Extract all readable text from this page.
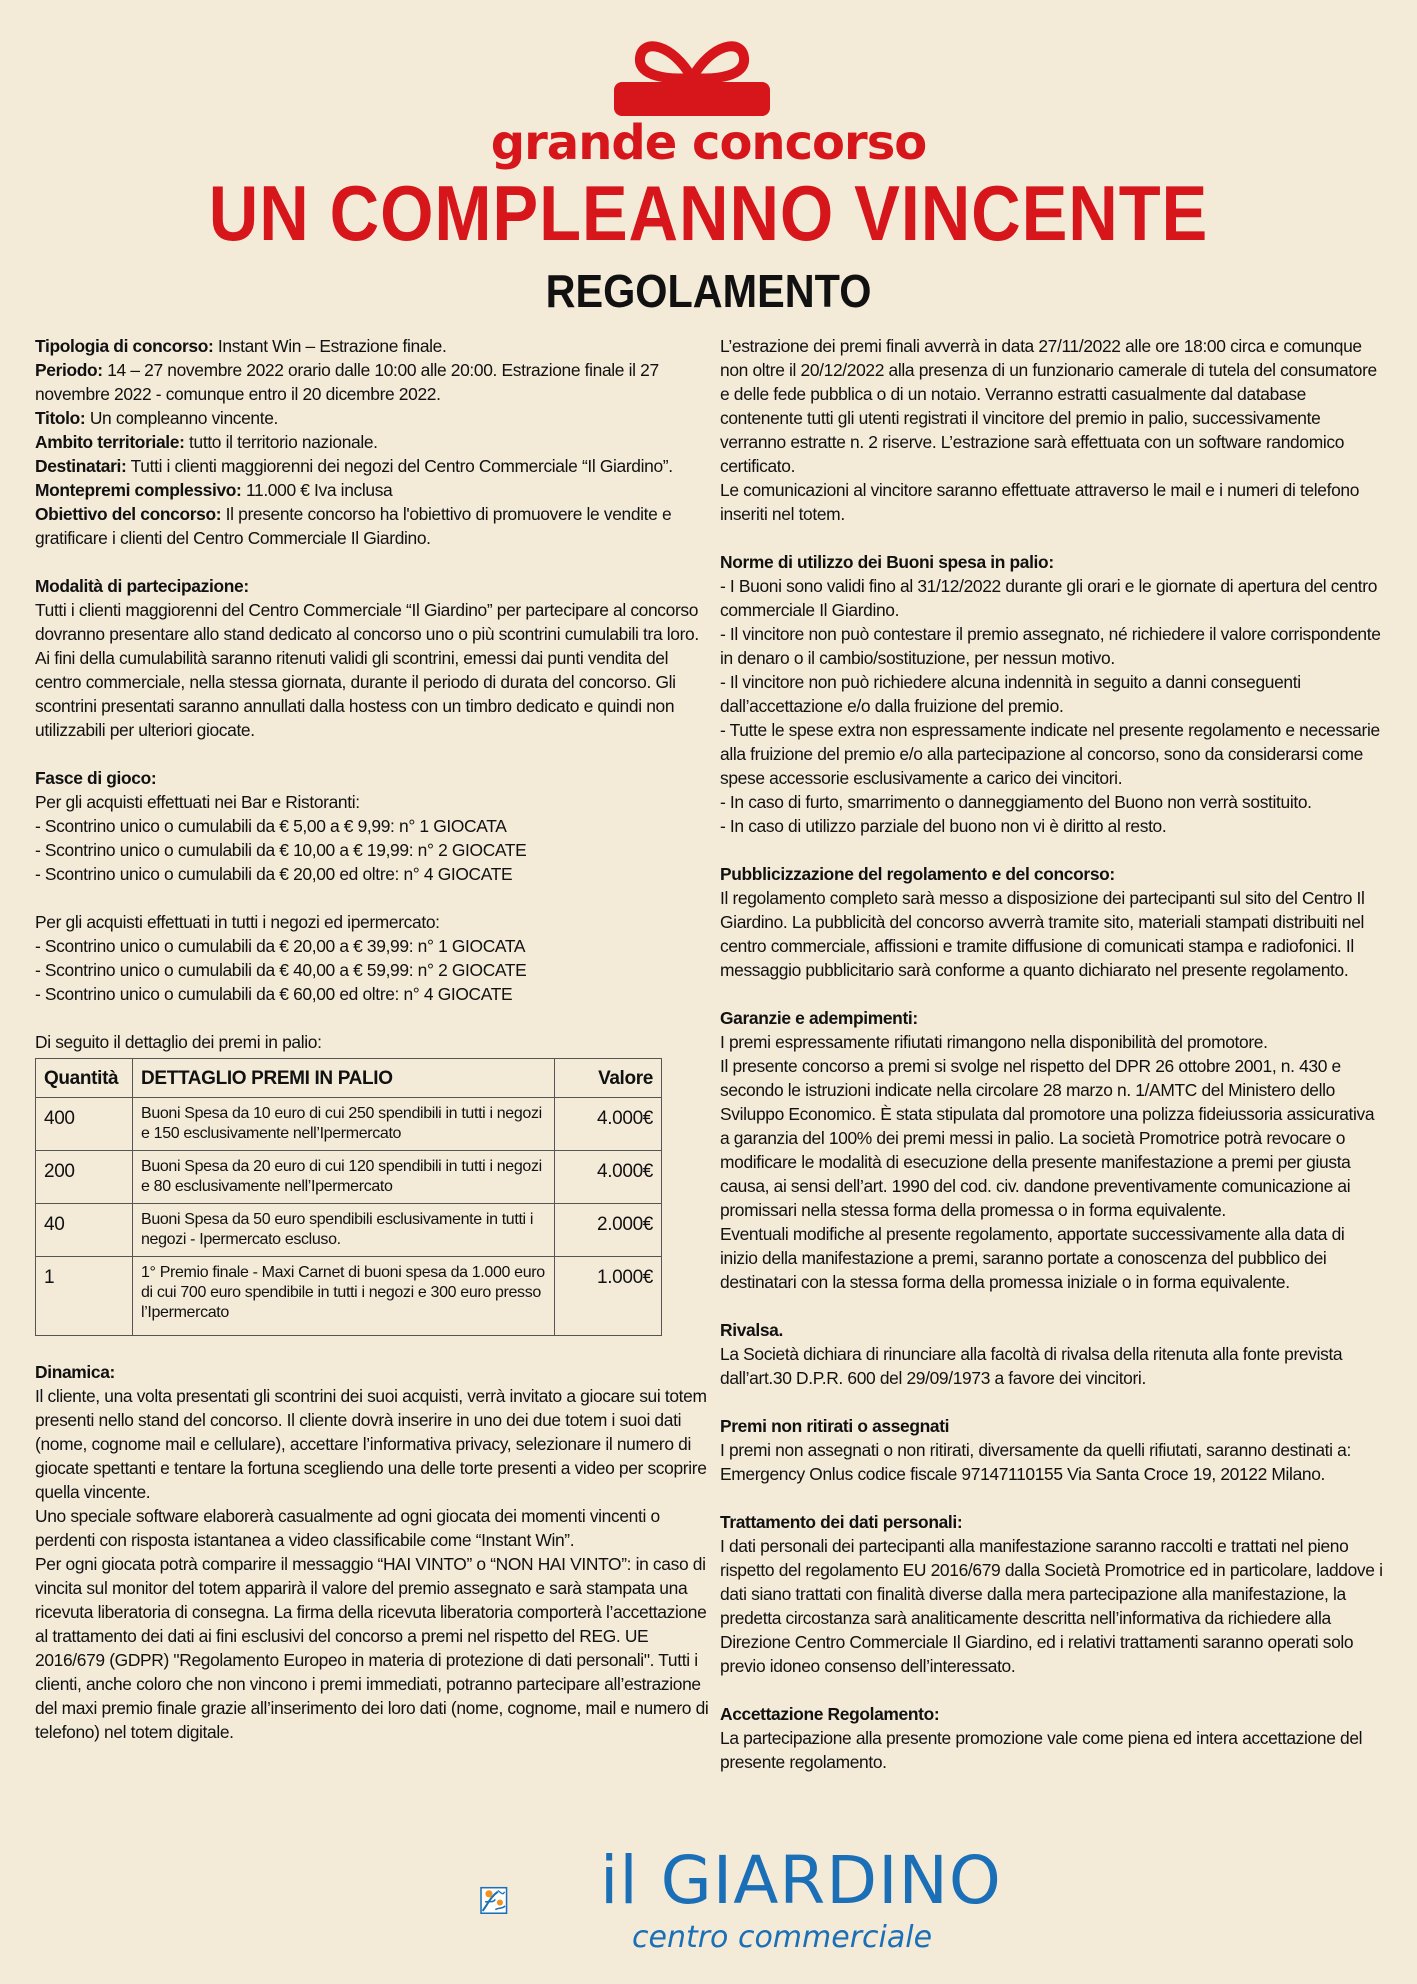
grande concorso
UN COMPLEANNO VINCENTE
REGOLAMENTO

Tipologia di concorso: Instant Win – Estrazione finale.

Periodo: 14 – 27 novembre 2022 orario dalle 10:00 alle 20:00. Estrazione finale il 27 novembre 2022 - comunque entro il 20 dicembre 2022.

Titolo: Un compleanno vincente.

Ambito territoriale: tutto il territorio nazionale.

Destinatari: Tutti i clienti maggiorenni dei negozi del Centro Commerciale “Il Giardino”.

Montepremi complessivo: 11.000 € Iva inclusa

Obiettivo del concorso: Il presente concorso ha l'obiettivo di promuovere le vendite e gratificare i clienti del Centro Commerciale Il Giardino.

Modalità di partecipazione:

Tutti i clienti maggiorenni del Centro Commerciale “Il Giardino” per partecipare al concorso dovranno presentare allo stand dedicato al concorso uno o più scontrini cumulabili tra loro. Ai fini della cumulabilità saranno ritenuti validi gli scontrini, emessi dai punti vendita del centro commerciale, nella stessa giornata, durante il periodo di durata del concorso. Gli scontrini presentati saranno annullati dalla hostess con un timbro dedicato e quindi non utilizzabili per ulteriori giocate.

Fasce di gioco:

Per gli acquisti effettuati nei Bar e Ristoranti:

- Scontrino unico o cumulabili da € 5,00 a € 9,99: n° 1 GIOCATA

- Scontrino unico o cumulabili da € 10,00 a € 19,99: n° 2 GIOCATE

- Scontrino unico o cumulabili da € 20,00 ed oltre: n° 4 GIOCATE

Per gli acquisti effettuati in tutti i negozi ed ipermercato:

- Scontrino unico o cumulabili da € 20,00 a € 39,99: n° 1 GIOCATA

- Scontrino unico o cumulabili da € 40,00 a € 59,99: n° 2 GIOCATE

- Scontrino unico o cumulabili da € 60,00 ed oltre: n° 4 GIOCATE

Di seguito il dettaglio dei premi in palio:

Quantità	DETTAGLIO PREMI IN PALIO	Valore
400	Buoni Spesa da 10 euro di cui 250 spendibili in tutti i negozi e 150 esclusivamente nell’Ipermercato	4.000€
200	Buoni Spesa da 20 euro di cui 120 spendibili in tutti i negozi e 80 esclusivamente nell’Ipermercato	4.000€
40	Buoni Spesa da 50 euro spendibili esclusivamente in tutti i negozi - Ipermercato escluso.	2.000€
1	1° Premio finale - Maxi Carnet di buoni spesa da 1.000 euro di cui 700 euro spendibile in tutti i negozi e 300 euro presso l’Ipermercato	1.000€

Dinamica:

Il cliente, una volta presentati gli scontrini dei suoi acquisti, verrà invitato a giocare sui totem presenti nello stand del concorso. Il cliente dovrà inserire in uno dei due totem i suoi dati (nome, cognome mail e cellulare), accettare l’informativa privacy, selezionare il numero di giocate spettanti e tentare la fortuna scegliendo una delle torte presenti a video per scoprire quella vincente.

Uno speciale software elaborerà casualmente ad ogni giocata dei momenti vincenti o perdenti con risposta istantanea a video classificabile come “Instant Win”.

Per ogni giocata potrà comparire il messaggio “HAI VINTO” o “NON HAI VINTO”: in caso di vincita sul monitor del totem apparirà il valore del premio assegnato e sarà stampata una ricevuta liberatoria di consegna. La firma della ricevuta liberatoria comporterà l’accettazione al trattamento dei dati ai fini esclusivi del concorso a premi nel rispetto del REG. UE 2016/679 (GDPR) "Regolamento Europeo in materia di protezione di dati personali". Tutti i clienti, anche coloro che non vincono i premi immediati, potranno partecipare all’estrazione del maxi premio finale grazie all’inserimento dei loro dati (nome, cognome, mail e numero di telefono) nel totem digitale.

L’estrazione dei premi finali avverrà in data 27/11/2022 alle ore 18:00 circa e comunque non oltre il 20/12/2022 alla presenza di un funzionario camerale di tutela del consumatore e delle fede pubblica o di un notaio. Verranno estratti casualmente dal database contenente tutti gli utenti registrati il vincitore del premio in palio, successivamente verranno estratte n. 2 riserve. L’estrazione sarà effettuata con un software randomico certificato.

Le comunicazioni al vincitore saranno effettuate attraverso le mail e i numeri di telefono inseriti nel totem.

Norme di utilizzo dei Buoni spesa in palio:

- I Buoni sono validi fino al 31/12/2022 durante gli orari e le giornate di apertura del centro commerciale Il Giardino.

- Il vincitore non può contestare il premio assegnato, né richiedere il valore corrispondente in denaro o il cambio/sostituzione, per nessun motivo.

- Il vincitore non può richiedere alcuna indennità in seguito a danni conseguenti dall’accettazione e/o dalla fruizione del premio.

- Tutte le spese extra non espressamente indicate nel presente regolamento e necessarie alla fruizione del premio e/o alla partecipazione al concorso, sono da considerarsi come spese accessorie esclusivamente a carico dei vincitori.

- In caso di furto, smarrimento o danneggiamento del Buono non verrà sostituito.

- In caso di utilizzo parziale del buono non vi è diritto al resto.

Pubblicizzazione del regolamento e del concorso:

Il regolamento completo sarà messo a disposizione dei partecipanti sul sito del Centro Il Giardino. La pubblicità del concorso avverrà tramite sito, materiali stampati distribuiti nel centro commerciale, affissioni e tramite diffusione di comunicati stampa e radiofonici. Il messaggio pubblicitario sarà conforme a quanto dichiarato nel presente regolamento.

Garanzie e adempimenti:

I premi espressamente rifiutati rimangono nella disponibilità del promotore.

Il presente concorso a premi si svolge nel rispetto del DPR 26 ottobre 2001, n. 430 e secondo le istruzioni indicate nella circolare 28 marzo n. 1/AMTC del Ministero dello Sviluppo Economico. È stata stipulata dal promotore una polizza fideiussoria assicurativa a garanzia del 100% dei premi messi in palio. La società Promotrice potrà revocare o modificare le modalità di esecuzione della presente manifestazione a premi per giusta causa, ai sensi dell’art. 1990 del cod. civ. dandone preventivamente comunicazione ai promissari nella stessa forma della promessa o in forma equivalente.

Eventuali modifiche al presente regolamento, apportate successivamente alla data di inizio della manifestazione a premi, saranno portate a conoscenza del pubblico dei destinatari con la stessa forma della promessa iniziale o in forma equivalente.

Rivalsa.

La Società dichiara di rinunciare alla facoltà di rivalsa della ritenuta alla fonte prevista dall’art.30 D.P.R. 600 del 29/09/1973 a favore dei vincitori.

Premi non ritirati o assegnati

I premi non assegnati o non ritirati, diversamente da quelli rifiutati, saranno destinati a: Emergency Onlus codice fiscale 97147110155 Via Santa Croce 19, 20122 Milano.

Trattamento dei dati personali:

I dati personali dei partecipanti alla manifestazione saranno raccolti e trattati nel pieno rispetto del regolamento EU 2016/679 dalla Società Promotrice ed in particolare, laddove i dati siano trattati con finalità diverse dalla mera partecipazione alla manifestazione, la predetta circostanza sarà analiticamente descritta nell’informativa da richiedere alla Direzione Centro Commerciale Il Giardino, ed i relativi trattamenti saranno operati solo previo idoneo consenso dell’interessato.

Accettazione Regolamento:

La partecipazione alla presente promozione vale come piena ed intera accettazione del presente regolamento.

il GIARDINO
centro commerciale
